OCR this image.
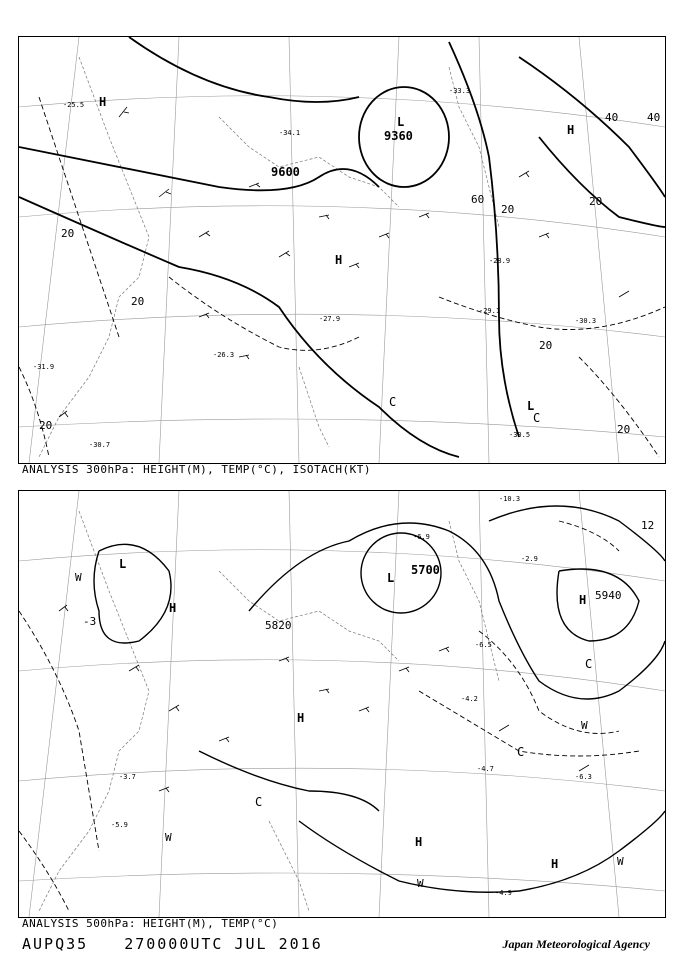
9600
9360
H
H
H
L
L
C
C
20
20
20
20
40	40
60	20
20
20
-25.5
-26.3
-27.9
-28.9
-29.1
-30.3
-30.5
-31.9
-30.7
-34.1
-33.3
ANALYSIS 300hPa: HEIGHT(M), TEMP(°C), ISOTACH(KT)
5700
5820
5940
L
L
H
H
H
H
H
C
C
C
W
W
W
W
W
-10.3
-6.9
-4.9
-4.7
-3.7
-5.9
-6.3
-6.5
-4.2
-2.9
12
-3
ANALYSIS 500hPa: HEIGHT(M), TEMP(°C)
AUPQ35 270000UTC JUL 2016	Japan Meteorological Agency
